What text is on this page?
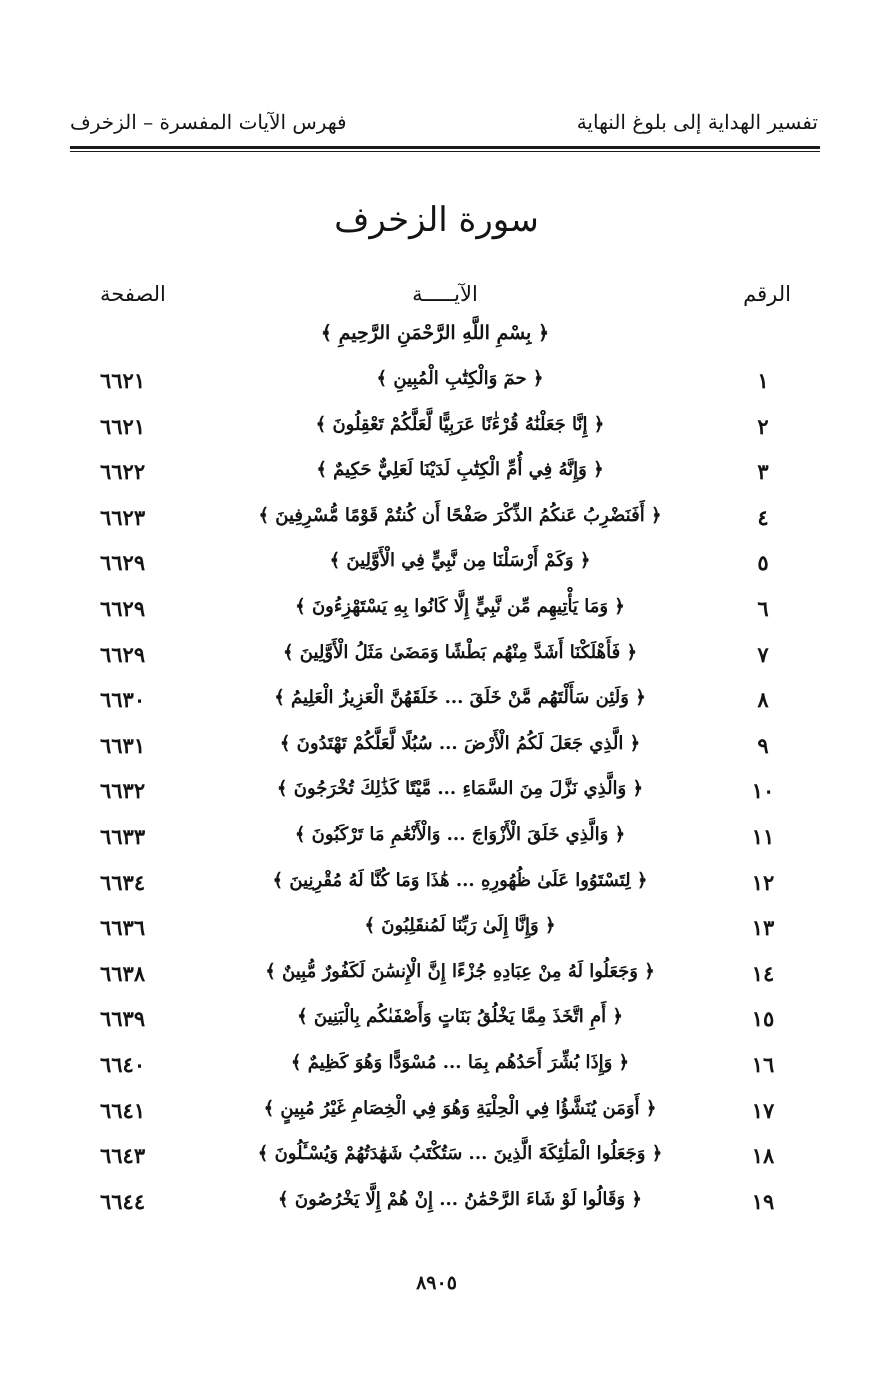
تفسير الهداية إلى بلوغ النهاية
فهرس الآيات المفسرة – الزخرف
سورة الزخرف
الرقم
الآيـــــة
الصفحة
﴿ بِسْمِ اللَّهِ الرَّحْمَنِ الرَّحِيمِ ﴾
١
﴿ حمٓ وَالْكِتَٰبِ الْمُبِينِ ﴾
٦٦٢١
٢
﴿ إِنَّا جَعَلْنَٰهُ قُرْءَٰنًا عَرَبِيًّا لَّعَلَّكُمْ تَعْقِلُونَ ﴾
٦٦٢١
٣
﴿ وَإِنَّهُ فِي أُمِّ الْكِتَٰبِ لَدَيْنَا لَعَلِيٌّ حَكِيمٌ ﴾
٦٦٢٢
٤
﴿ أَفَنَضْرِبُ عَنكُمُ الذِّكْرَ صَفْحًا أَن كُنتُمْ قَوْمًا مُّسْرِفِينَ ﴾
٦٦٢٣
٥
﴿ وَكَمْ أَرْسَلْنَا مِن نَّبِيٍّ فِي الْأَوَّلِينَ ﴾
٦٦٢٩
٦
﴿ وَمَا يَأْتِيهِم مِّن نَّبِيٍّ إِلَّا كَانُوا بِهِ يَسْتَهْزِءُونَ ﴾
٦٦٢٩
٧
﴿ فَأَهْلَكْنَا أَشَدَّ مِنْهُم بَطْشًا وَمَضَىٰ مَثَلُ الْأَوَّلِينَ ﴾
٦٦٢٩
٨
﴿ وَلَئِن سَأَلْتَهُم مَّنْ خَلَقَ ... خَلَقَهُنَّ الْعَزِيزُ الْعَلِيمُ ﴾
٦٦٣٠
٩
﴿ الَّذِي جَعَلَ لَكُمُ الْأَرْضَ ... سُبُلًا لَّعَلَّكُمْ تَهْتَدُونَ ﴾
٦٦٣١
١٠
﴿ وَالَّذِي نَزَّلَ مِنَ السَّمَاءِ ... مَّيْتًا كَذَٰلِكَ تُخْرَجُونَ ﴾
٦٦٣٢
١١
﴿ وَالَّذِي خَلَقَ الْأَزْوَاجَ ... وَالْأَنْعَٰمِ مَا تَرْكَبُونَ ﴾
٦٦٣٣
١٢
﴿ لِتَسْتَوُوا عَلَىٰ ظُهُورِهِ ... هَٰذَا وَمَا كُنَّا لَهُ مُقْرِنِينَ ﴾
٦٦٣٤
١٣
﴿ وَإِنَّا إِلَىٰ رَبِّنَا لَمُنقَلِبُونَ ﴾
٦٦٣٦
١٤
﴿ وَجَعَلُوا لَهُ مِنْ عِبَادِهِ جُزْءًا إِنَّ الْإِنسَٰنَ لَكَفُورٌ مُّبِينٌ ﴾
٦٦٣٨
١٥
﴿ أَمِ اتَّخَذَ مِمَّا يَخْلُقُ بَنَاتٍ وَأَصْفَىٰكُم بِالْبَنِينَ ﴾
٦٦٣٩
١٦
﴿ وَإِذَا بُشِّرَ أَحَدُهُم بِمَا ... مُسْوَدًّا وَهُوَ كَظِيمٌ ﴾
٦٦٤٠
١٧
﴿ أَوَمَن يُنَشَّؤُا فِي الْحِلْيَةِ وَهُوَ فِي الْخِصَامِ غَيْرُ مُبِينٍ ﴾
٦٦٤١
١٨
﴿ وَجَعَلُوا الْمَلَٰئِكَةَ الَّذِينَ ... سَتُكْتَبُ شَهَٰدَتُهُمْ وَيُسْـَٔلُونَ ﴾
٦٦٤٣
١٩
﴿ وَقَالُوا لَوْ شَاءَ الرَّحْمَٰنُ ... إِنْ هُمْ إِلَّا يَخْرُصُونَ ﴾
٦٦٤٤
٨٩٠٥
